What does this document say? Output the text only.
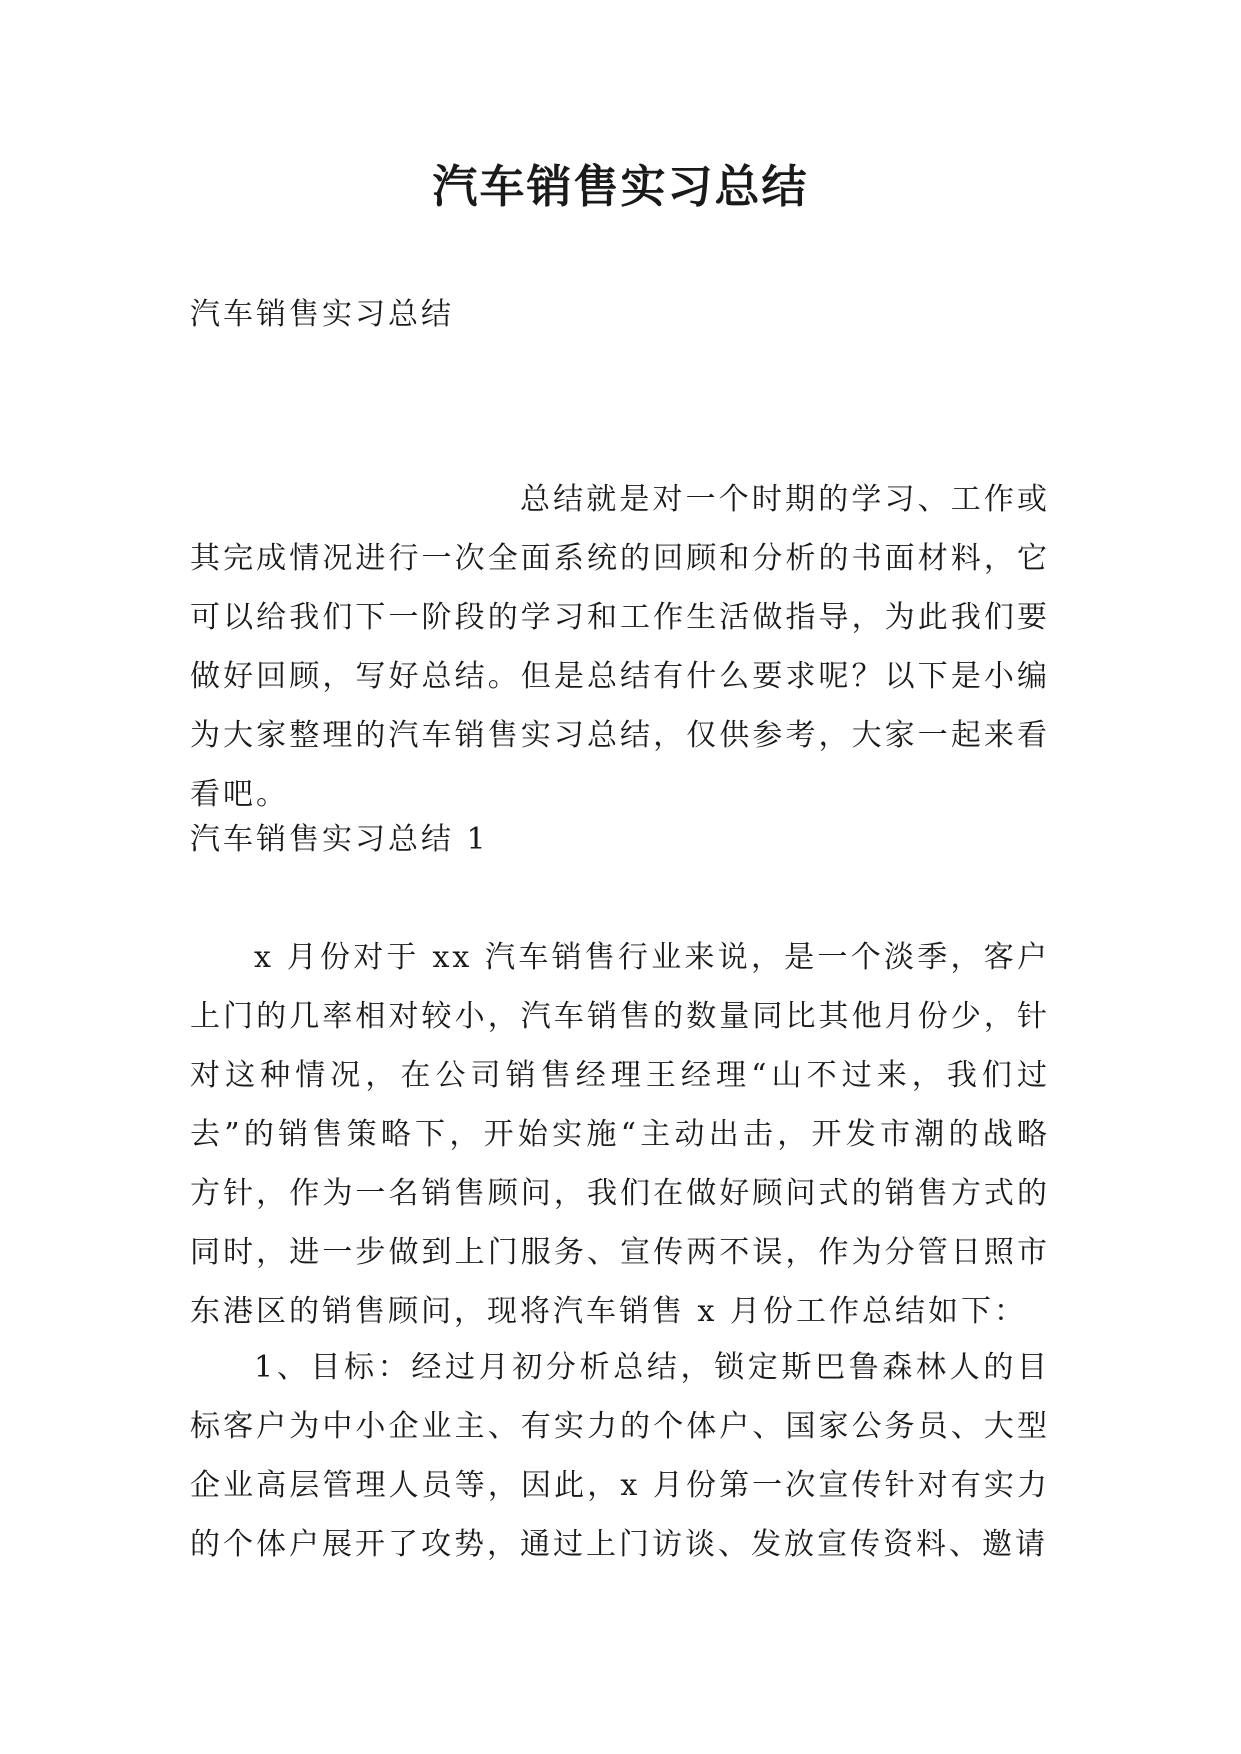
汽车销售实习总结
汽车销售实习总结
总结就是对一个时期的学习、工作或其完成情况进行一次全面系统的回顾和分析的书面材料，它可以给我们下一阶段的学习和工作生活做指导，为此我们要做好回顾，写好总结。但是总结有什么要求呢？以下是小编为大家整理的汽车销售实习总结，仅供参考，大家一起来看看吧。
汽车销售实习总结 1
x 月份对于 xx 汽车销售行业来说，是一个淡季，客户上门的几率相对较小，汽车销售的数量同比其他月份少，针对这种情况，在公司销售经理王经理“山不过来，我们过去”的销售策略下，开始实施“主动出击，开发市潮的战略方针，作为一名销售顾问，我们在做好顾问式的销售方式的同时，进一步做到上门服务、宣传两不误，作为分管日照市东港区的销售顾问，现将汽车销售 x 月份工作总结如下：
1、目标：经过月初分析总结，锁定斯巴鲁森林人的目标客户为中小企业主、有实力的个体户、国家公务员、大型企业高层管理人员等，因此，x 月份第一次宣传针对有实力的个体户展开了攻势，通过上门访谈、发放宣传资料、邀请
